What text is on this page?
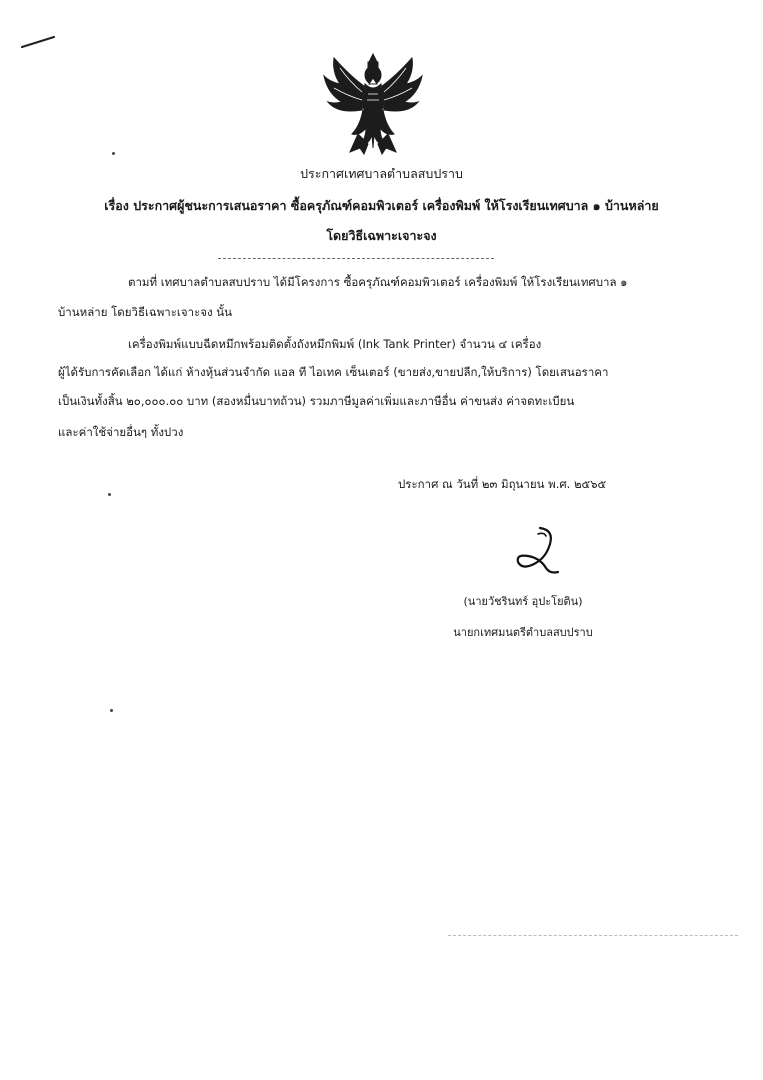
ประกาศเทศบาลตำบลสบปราบ
เรื่อง ประกาศผู้ชนะการเสนอราคา ซื้อครุภัณฑ์คอมพิวเตอร์ เครื่องพิมพ์ ให้โรงเรียนเทศบาล ๑ บ้านหล่าย
โดยวิธีเฉพาะเจาะจง
ตามที่ เทศบาลตำบลสบปราบ ได้มีโครงการ ซื้อครุภัณฑ์คอมพิวเตอร์ เครื่องพิมพ์ ให้โรงเรียนเทศบาล ๑
บ้านหล่าย โดยวิธีเฉพาะเจาะจง นั้น
เครื่องพิมพ์แบบฉีดหมึกพร้อมติดตั้งถังหมึกพิมพ์ (Ink Tank Printer) จำนวน ๔ เครื่อง
ผู้ได้รับการคัดเลือก ได้แก่ ห้างหุ้นส่วนจำกัด แอล ที ไอเทค เซ็นเตอร์ (ขายส่ง,ขายปลีก,ให้บริการ) โดยเสนอราคา
เป็นเงินทั้งสิ้น ๒๐,๐๐๐.๐๐ บาท (สองหมื่นบาทถ้วน) รวมภาษีมูลค่าเพิ่มและภาษีอื่น ค่าขนส่ง ค่าจดทะเบียน
และค่าใช้จ่ายอื่นๆ ทั้งปวง
ประกาศ ณ วันที่ ๒๓ มิถุนายน พ.ศ. ๒๕๖๕
(นายวัชรินทร์ อุปะโยติน)
นายกเทศมนตรีตำบลสบปราบ
